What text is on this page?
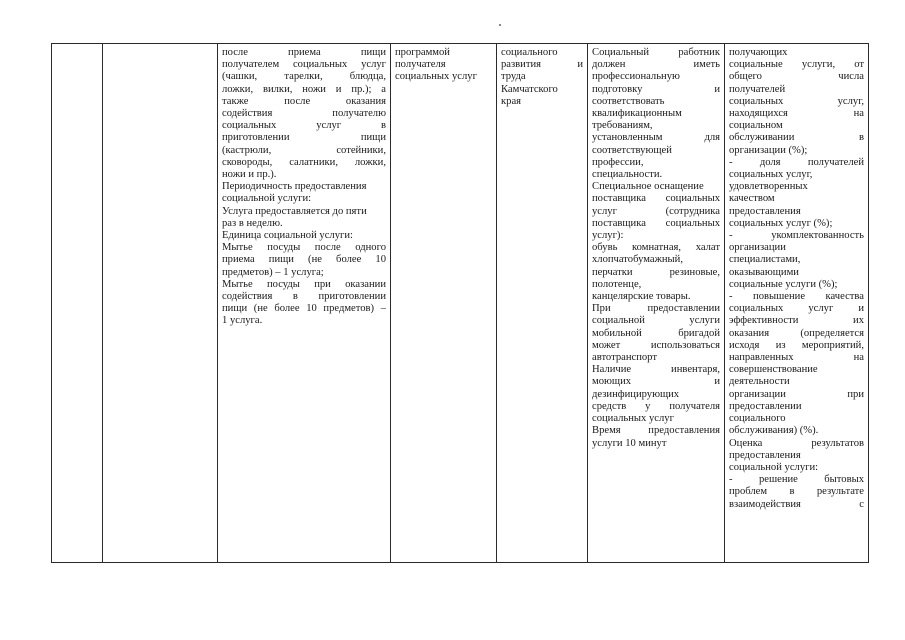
после приема пищи
получателем социальных услуг
(чашки, тарелки, блюдца,
ложки, вилки, ножи и пр.); а
также после оказания
содействия получателю
социальных услуг в
приготовлении пищи
(кастрюли, сотейники,
сковороды, салатники, ложки,
ножи и пр.).
Периодичность предоставления
социальной услуги:
Услуга предоставляется до пяти
раз в неделю.
Единица социальной услуги:
Мытье посуды после одного
приема пищи (не более 10
предметов) – 1 услуга;
Мытье посуды при оказании
содействия в приготовлении
пищи (не более 10 предметов) –
1 услуга.
программой
получателя
социальных услуг
социального
развития и
труда
Камчатского
края
Социальный работник
должен иметь
профессиональную
подготовку и
соответствовать
квалификационным
требованиям,
установленным для
соответствующей
профессии,
специальности.
Специальное оснащение
поставщика социальных
услуг (сотрудника
поставщика социальных
услуг):
обувь комнатная, халат
хлопчатобумажный,
перчатки резиновые,
полотенце,
канцелярские товары.
При предоставлении
социальной услуги
мобильной бригадой
может использоваться
автотранспорт
Наличие инвентаря,
моющих и
дезинфицирующих
средств у получателя
социальных услуг
Время предоставления
услуги 10 минут
получающих
социальные услуги, от
общего числа
получателей
социальных услуг,
находящихся на
социальном
обслуживании в
организации (%);
- доля получателей
социальных услуг,
удовлетворенных
качеством
предоставления
социальных услуг (%);
- укомплектованность
организации
специалистами,
оказывающими
социальные услуги (%);
- повышение качества
социальных услуг и
эффективности их
оказания (определяется
исходя из мероприятий,
направленных на
совершенствование
деятельности
организации при
предоставлении
социального
обслуживания) (%).
Оценка результатов
предоставления
социальной услуги:
- решение бытовых
проблем в результате
взаимодействия с
